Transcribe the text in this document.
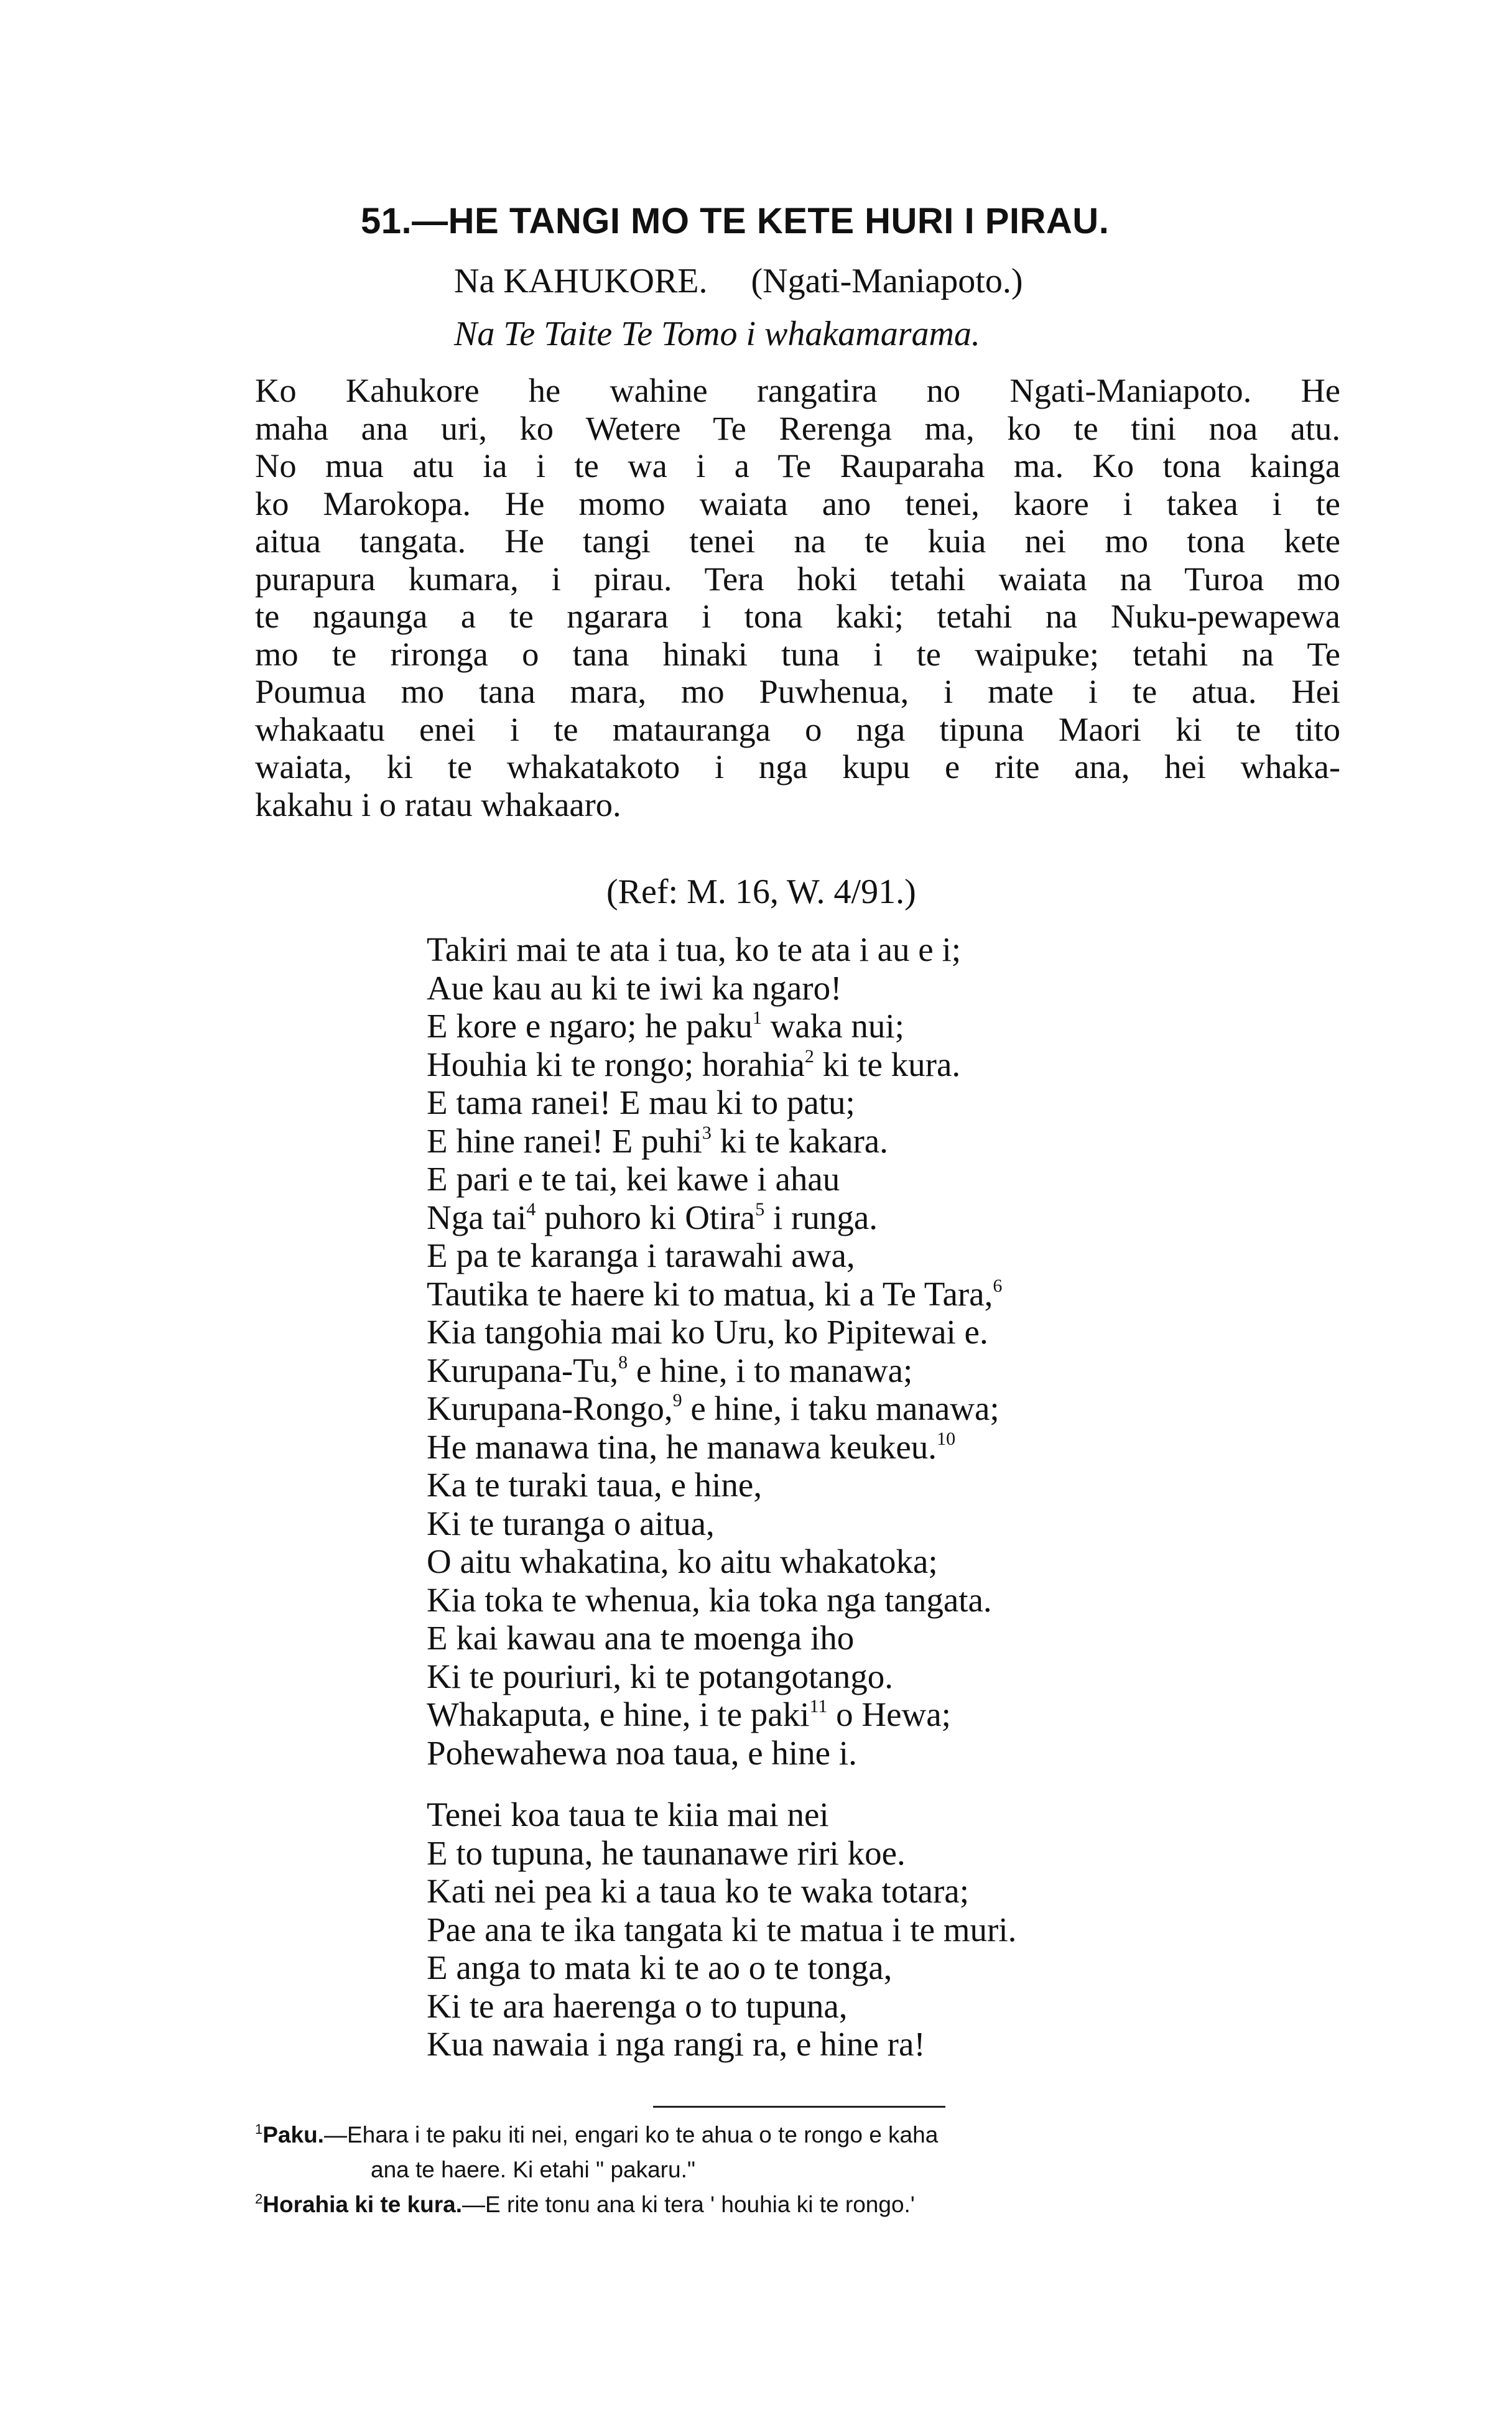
51.—HE TANGI MO TE KETE HURI I PIRAU.
Na KAHUKORE. (Ngati-Maniapoto.)
Na Te Taite Te Tomo i whakamarama.
Ko Kahukore he wahine rangatira no Ngati-Maniapoto. He
maha ana uri, ko Wetere Te Rerenga ma, ko te tini noa atu.
No mua atu ia i te wa i a Te Rauparaha ma. Ko tona kainga
ko Marokopa. He momo waiata ano tenei, kaore i takea i te
aitua tangata. He tangi tenei na te kuia nei mo tona kete
purapura kumara, i pirau. Tera hoki tetahi waiata na Turoa mo
te ngaunga a te ngarara i tona kaki; tetahi na Nuku-pewapewa
mo te rironga o tana hinaki tuna i te waipuke; tetahi na Te
Poumua mo tana mara, mo Puwhenua, i mate i te atua. Hei
whakaatu enei i te matauranga o nga tipuna Maori ki te tito
waiata, ki te whakatakoto i nga kupu e rite ana, hei whaka-
kakahu i o ratau whakaaro.
(Ref: M. 16, W. 4/91.)
Takiri mai te ata i tua, ko te ata i au e i;
Aue kau au ki te iwi ka ngaro!
E kore e ngaro; he paku$^1$ waka nui;
Houhia ki te rongo; horahia$^2$ ki te kura.
E tama ranei! E mau ki to patu;
E hine ranei! E puhi$^3$ ki te kakara.
E pari e te tai, kei kawe i ahau
Nga tai$^4$ puhoro ki Otira$^5$ i runga.
E pa te karanga i tarawahi awa,
Tautika te haere ki to matua, ki a Te Tara,$^6$
Kia tangohia mai ko Uru, ko Pipitewai e.
Kurupana-Tu,$^8$ e hine, i to manawa;
Kurupana-Rongo,$^9$ e hine, i taku manawa;
He manawa tina, he manawa keukeu.$^{10}$
Ka te turaki taua, e hine,
Ki te turanga o aitua,
O aitu whakatina, ko aitu whakatoka;
Kia toka te whenua, kia toka nga tangata.
E kai kawau ana te moenga iho
Ki te pouriuri, ki te potangotango.
Whakaputa, e hine, i te paki$^{11}$ o Hewa;
Pohewahewa noa taua, e hine i.
Tenei koa taua te kiia mai nei
E to tupuna, he taunanawe riri koe.
Kati nei pea ki a taua ko te waka totara;
Pae ana te ika tangata ki te matua i te muri.
E anga to mata ki te ao o te tonga,
Ki te ara haerenga o to tupuna,
Kua nawaia i nga rangi ra, e hine ra!
$^1$Paku.—Ehara i te paku iti nei, engari ko te ahua o te rongo e kaha
ana te haere. Ki etahi " pakaru."
$^2$Horahia ki te kura.—E rite tonu ana ki tera ' houhia ki te rongo.'
